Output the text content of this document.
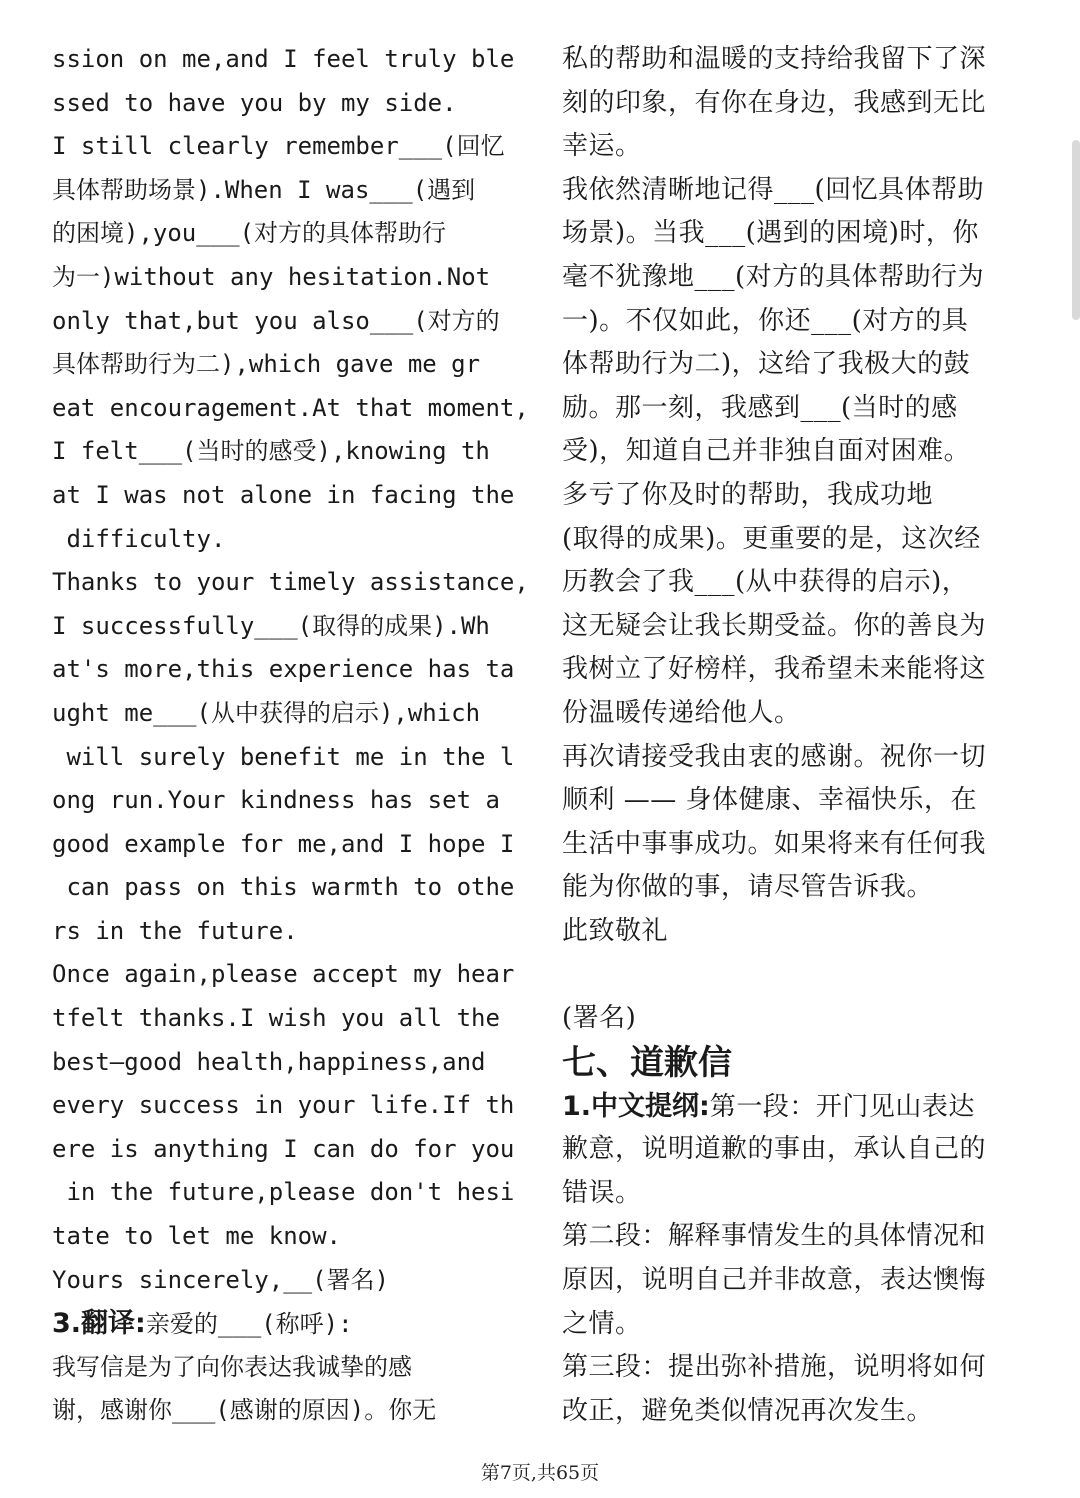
ssion on me,and I feel truly ble
ssed to have you by my side.
I still clearly remember___(回忆
具体帮助场景).When I was___(遇到
的困境),you___(对方的具体帮助行
为一)without any hesitation.Not
only that,but you also___(对方的
具体帮助行为二),which gave me gr
eat encouragement.At that moment,
I felt___(当时的感受),knowing th
at I was not alone in facing the
difficulty.
Thanks to your timely assistance,
I successfully___(取得的成果).Wh
at's more,this experience has ta
ught me___(从中获得的启示),which
will surely benefit me in the l
ong run.Your kindness has set a
good example for me,and I hope I
can pass on this warmth to othe
rs in the future.
Once again,please accept my hear
tfelt thanks.I wish you all the
best—good health,happiness,and
every success in your life.If th
ere is anything I can do for you
in the future,please don't hesi
tate to let me know.
Yours sincerely,__(署名)
3.翻译:亲爱的___(称呼):
我写信是为了向你表达我诚挚的感
谢，感谢你___(感谢的原因)。你无
私的帮助和温暖的支持给我留下了深
刻的印象，有你在身边，我感到无比
幸运。
我依然清晰地记得___(回忆具体帮助
场景)。当我___(遇到的困境)时，你
毫不犹豫地___(对方的具体帮助行为
一)。不仅如此，你还___(对方的具
体帮助行为二)，这给了我极大的鼓
励。那一刻，我感到___(当时的感
受)，知道自己并非独自面对困难。
多亏了你及时的帮助，我成功地
(取得的成果)。更重要的是，这次经
历教会了我___(从中获得的启示)，
这无疑会让我长期受益。你的善良为
我树立了好榜样，我希望未来能将这
份温暖传递给他人。
再次请接受我由衷的感谢。祝你一切
顺利 —— 身体健康、幸福快乐，在
生活中事事成功。如果将来有任何我
能为你做的事，请尽管告诉我。
此致敬礼
(署名)
七、道歉信
1.中文提纲:第一段：开门见山表达
歉意，说明道歉的事由，承认自己的
错误。
第二段：解释事情发生的具体情况和
原因，说明自己并非故意，表达懊悔
之情。
第三段：提出弥补措施，说明将如何
改正，避免类似情况再次发生。
第7页,共65页
